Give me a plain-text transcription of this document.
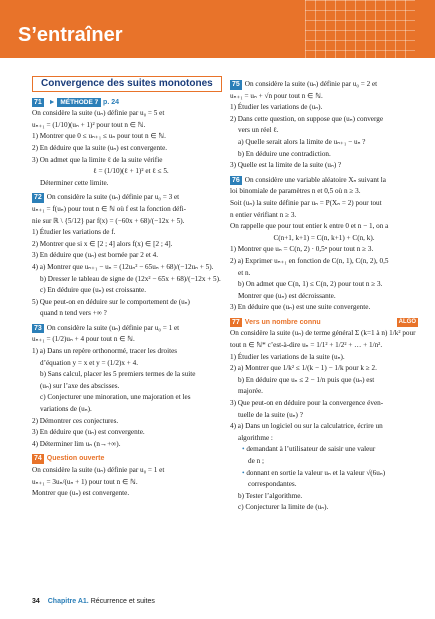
S’entraîner
Convergence des suites monotones

71 ► MÉTHODE 7 p. 24

On considère la suite (uₙ) définie par u₀ = 5 et

uₙ₊₁ = (1/10)(uₙ + 1)² pour tout n ∈ ℕ.

1) Montrer que 0 ≤ uₙ₊₁ ≤ uₙ pour tout n ∈ ℕ.

2) En déduire que la suite (uₙ) est convergente.

3) On admet que la limite ℓ de la suite vérifie

ℓ = (1/10)(ℓ + 1)² et ℓ ≤ 5.

Déterminer cette limite.

72 On considère la suite (uₙ) définie par u₀ = 3 et

uₙ₊₁ = f(uₙ) pour tout n ∈ ℕ où f est la fonction défi-

nie sur ℝ \ {5/12} par f(x) = (−60x + 68)/(−12x + 5).

1) Étudier les variations de f.

2) Montrer que si x ∈ [2 ; 4] alors f(x) ∈ [2 ; 4].

3) En déduire que (uₙ) est bornée par 2 et 4.

4) a) Montrer que uₙ₊₁ − uₙ = (12uₙ² − 65uₙ + 68)/(−12uₙ + 5).

b) Dresser le tableau de signe de (12x² − 65x + 68)/(−12x + 5).

c) En déduire que (uₙ) est croissante.

5) Que peut-on en déduire sur le comportement de (uₙ)

quand n tend vers +∞ ?

73 On considère la suite (uₙ) définie par u₀ = 1 et

uₙ₊₁ = (1/2)uₙ + 4 pour tout n ∈ ℕ.

1) a) Dans un repère orthonormé, tracer les droites

d’équation y = x et y = (1/2)x + 4.

b) Sans calcul, placer les 5 premiers termes de la suite

(uₙ) sur l’axe des abscisses.

c) Conjecturer une minoration, une majoration et les

variations de (uₙ).

2) Démontrer ces conjectures.

3) En déduire que (uₙ) est convergente.

4) Déterminer lim uₙ (n→+∞).

74 Question ouverte

On considère la suite (uₙ) définie par u₀ = 1 et

uₙ₊₁ = 3uₙ/(uₙ + 1) pour tout n ∈ ℕ.

Montrer que (uₙ) est convergente.

75 On considère la suite (uₙ) définie par u₀ = 2 et

uₙ₊₁ = uₙ + √n pour tout n ∈ ℕ.

1) Étudier les variations de (uₙ).

2) Dans cette question, on suppose que (uₙ) converge

vers un réel ℓ.

a) Quelle serait alors la limite de uₙ₊₁ − uₙ ?

b) En déduire une contradiction.

3) Quelle est la limite de la suite (uₙ) ?

76 On considère une variable aléatoire Xₙ suivant la

loi binomiale de paramètres n et 0,5 où n ≥ 3.

Soit (uₙ) la suite définie par uₙ = P(Xₙ = 2) pour tout

n entier vérifiant n ≥ 3.

On rappelle que pour tout entier k entre 0 et n − 1, on a

C(n+1, k+1) = C(n, k+1) + C(n, k).

1) Montrer que uₙ = C(n, 2) · 0,5ⁿ pour tout n ≥ 3.

2) a) Exprimer uₙ₊₁ en fonction de C(n, 1), C(n, 2), 0,5

et n.

b) On admet que C(n, 1) ≤ C(n, 2) pour tout n ≥ 3.

Montrer que (uₙ) est décroissante.

3) En déduire que (uₙ) est une suite convergente.

77 Vers un nombre connu	ALGO

On considère la suite (uₙ) de terme général Σ (k=1 à n) 1/k² pour

tout n ∈ ℕ* c’est-à-dire uₙ = 1/1² + 1/2² + … + 1/n².

1) Étudier les variations de la suite (uₙ).

2) a) Montrer que 1/k² ≤ 1/(k − 1) − 1/k pour k ≥ 2.

b) En déduire que uₙ ≤ 2 − 1/n puis que (uₙ) est

majorée.

3) Que peut-on en déduire pour la convergence éven-

tuelle de la suite (uₙ) ?

4) a) Dans un logiciel ou sur la calculatrice, écrire un

algorithme :

• demandant à l’utilisateur de saisir une valeur

de n ;

• donnant en sortie la valeur uₙ et la valeur √(6uₙ)

correspondantes.

b) Tester l’algorithme.

c) Conjecturer la limite de (uₙ).

34 Chapitre A1. Récurrence et suites
